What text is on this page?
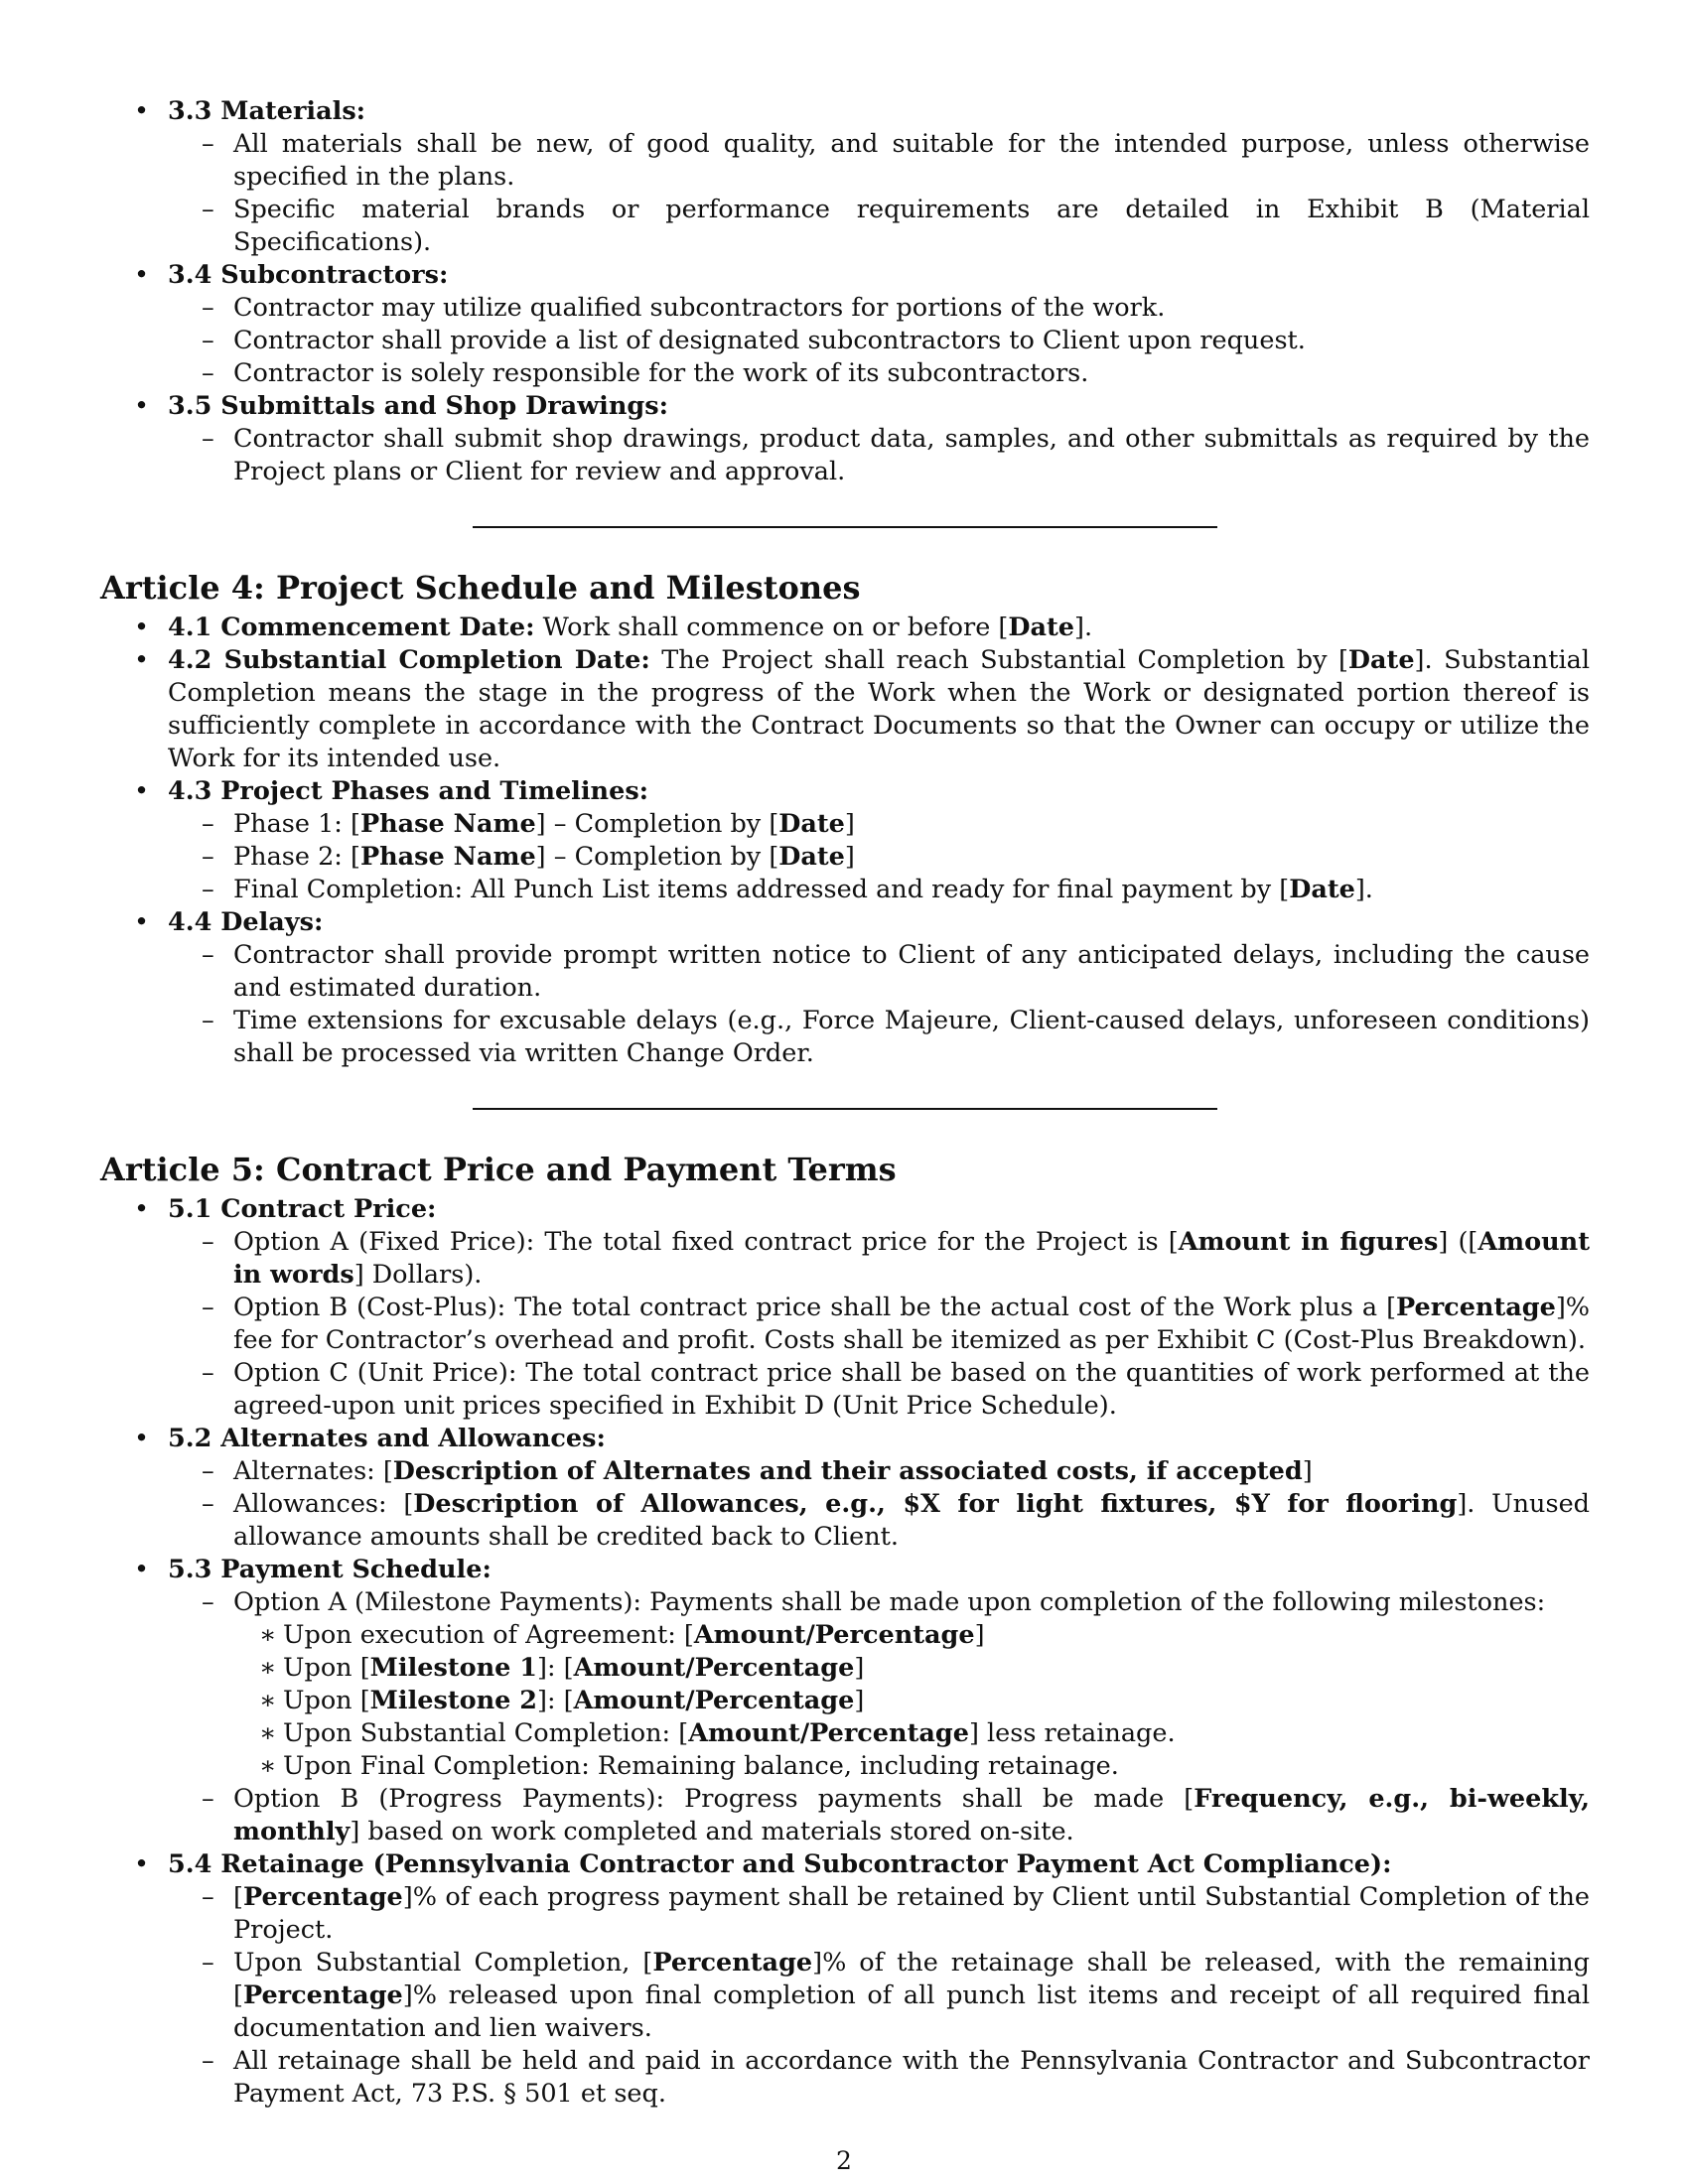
• 3.3 Materials:
– All materials shall be new, of good quality, and suitable for the intended purpose, unless otherwise specified in the plans.
– Specific material brands or performance requirements are detailed in Exhibit B (Material Specifications).
• 3.4 Subcontractors:
– Contractor may utilize qualified subcontractors for portions of the work.
– Contractor shall provide a list of designated subcontractors to Client upon request.
– Contractor is solely responsible for the work of its subcontractors.
• 3.5 Submittals and Shop Drawings:
– Contractor shall submit shop drawings, product data, samples, and other submittals as required by the Project plans or Client for review and approval.
Article 4: Project Schedule and Milestones
• 4.1 Commencement Date: Work shall commence on or before [Date].
• 4.2 Substantial Completion Date: The Project shall reach Substantial Completion by [Date]. Substantial Completion means the stage in the progress of the Work when the Work or designated portion thereof is sufficiently complete in accordance with the Contract Documents so that the Owner can occupy or utilize the Work for its intended use.
• 4.3 Project Phases and Timelines:
– Phase 1: [Phase Name] – Completion by [Date]
– Phase 2: [Phase Name] – Completion by [Date]
– Final Completion: All Punch List items addressed and ready for final payment by [Date].
• 4.4 Delays:
– Contractor shall provide prompt written notice to Client of any anticipated delays, including the cause and estimated duration.
– Time extensions for excusable delays (e.g., Force Majeure, Client-caused delays, unforeseen conditions) shall be processed via written Change Order.
Article 5: Contract Price and Payment Terms
• 5.1 Contract Price:
– Option A (Fixed Price): The total fixed contract price for the Project is [Amount in figures] ([Amount in words] Dollars).
– Option B (Cost-Plus): The total contract price shall be the actual cost of the Work plus a [Percentage]% fee for Contractor’s overhead and profit. Costs shall be itemized as per Exhibit C (Cost-Plus Breakdown).
– Option C (Unit Price): The total contract price shall be based on the quantities of work performed at the agreed-upon unit prices specified in Exhibit D (Unit Price Schedule).
• 5.2 Alternates and Allowances:
– Alternates: [Description of Alternates and their associated costs, if accepted]
– Allowances: [Description of Allowances, e.g., $X for light fixtures, $Y for flooring]. Unused allowance amounts shall be credited back to Client.
• 5.3 Payment Schedule:
– Option A (Milestone Payments): Payments shall be made upon completion of the following milestones:
∗ Upon execution of Agreement: [Amount/Percentage]
∗ Upon [Milestone 1]: [Amount/Percentage]
∗ Upon [Milestone 2]: [Amount/Percentage]
∗ Upon Substantial Completion: [Amount/Percentage] less retainage.
∗ Upon Final Completion: Remaining balance, including retainage.
– Option B (Progress Payments): Progress payments shall be made [Frequency, e.g., bi-weekly, monthly] based on work completed and materials stored on-site.
• 5.4 Retainage (Pennsylvania Contractor and Subcontractor Payment Act Compliance):
– [Percentage]% of each progress payment shall be retained by Client until Substantial Completion of the Project.
– Upon Substantial Completion, [Percentage]% of the retainage shall be released, with the remaining [Percentage]% released upon final completion of all punch list items and receipt of all required final documentation and lien waivers.
– All retainage shall be held and paid in accordance with the Pennsylvania Contractor and Subcontractor Payment Act, 73 P.S. § 501 et seq.
2
